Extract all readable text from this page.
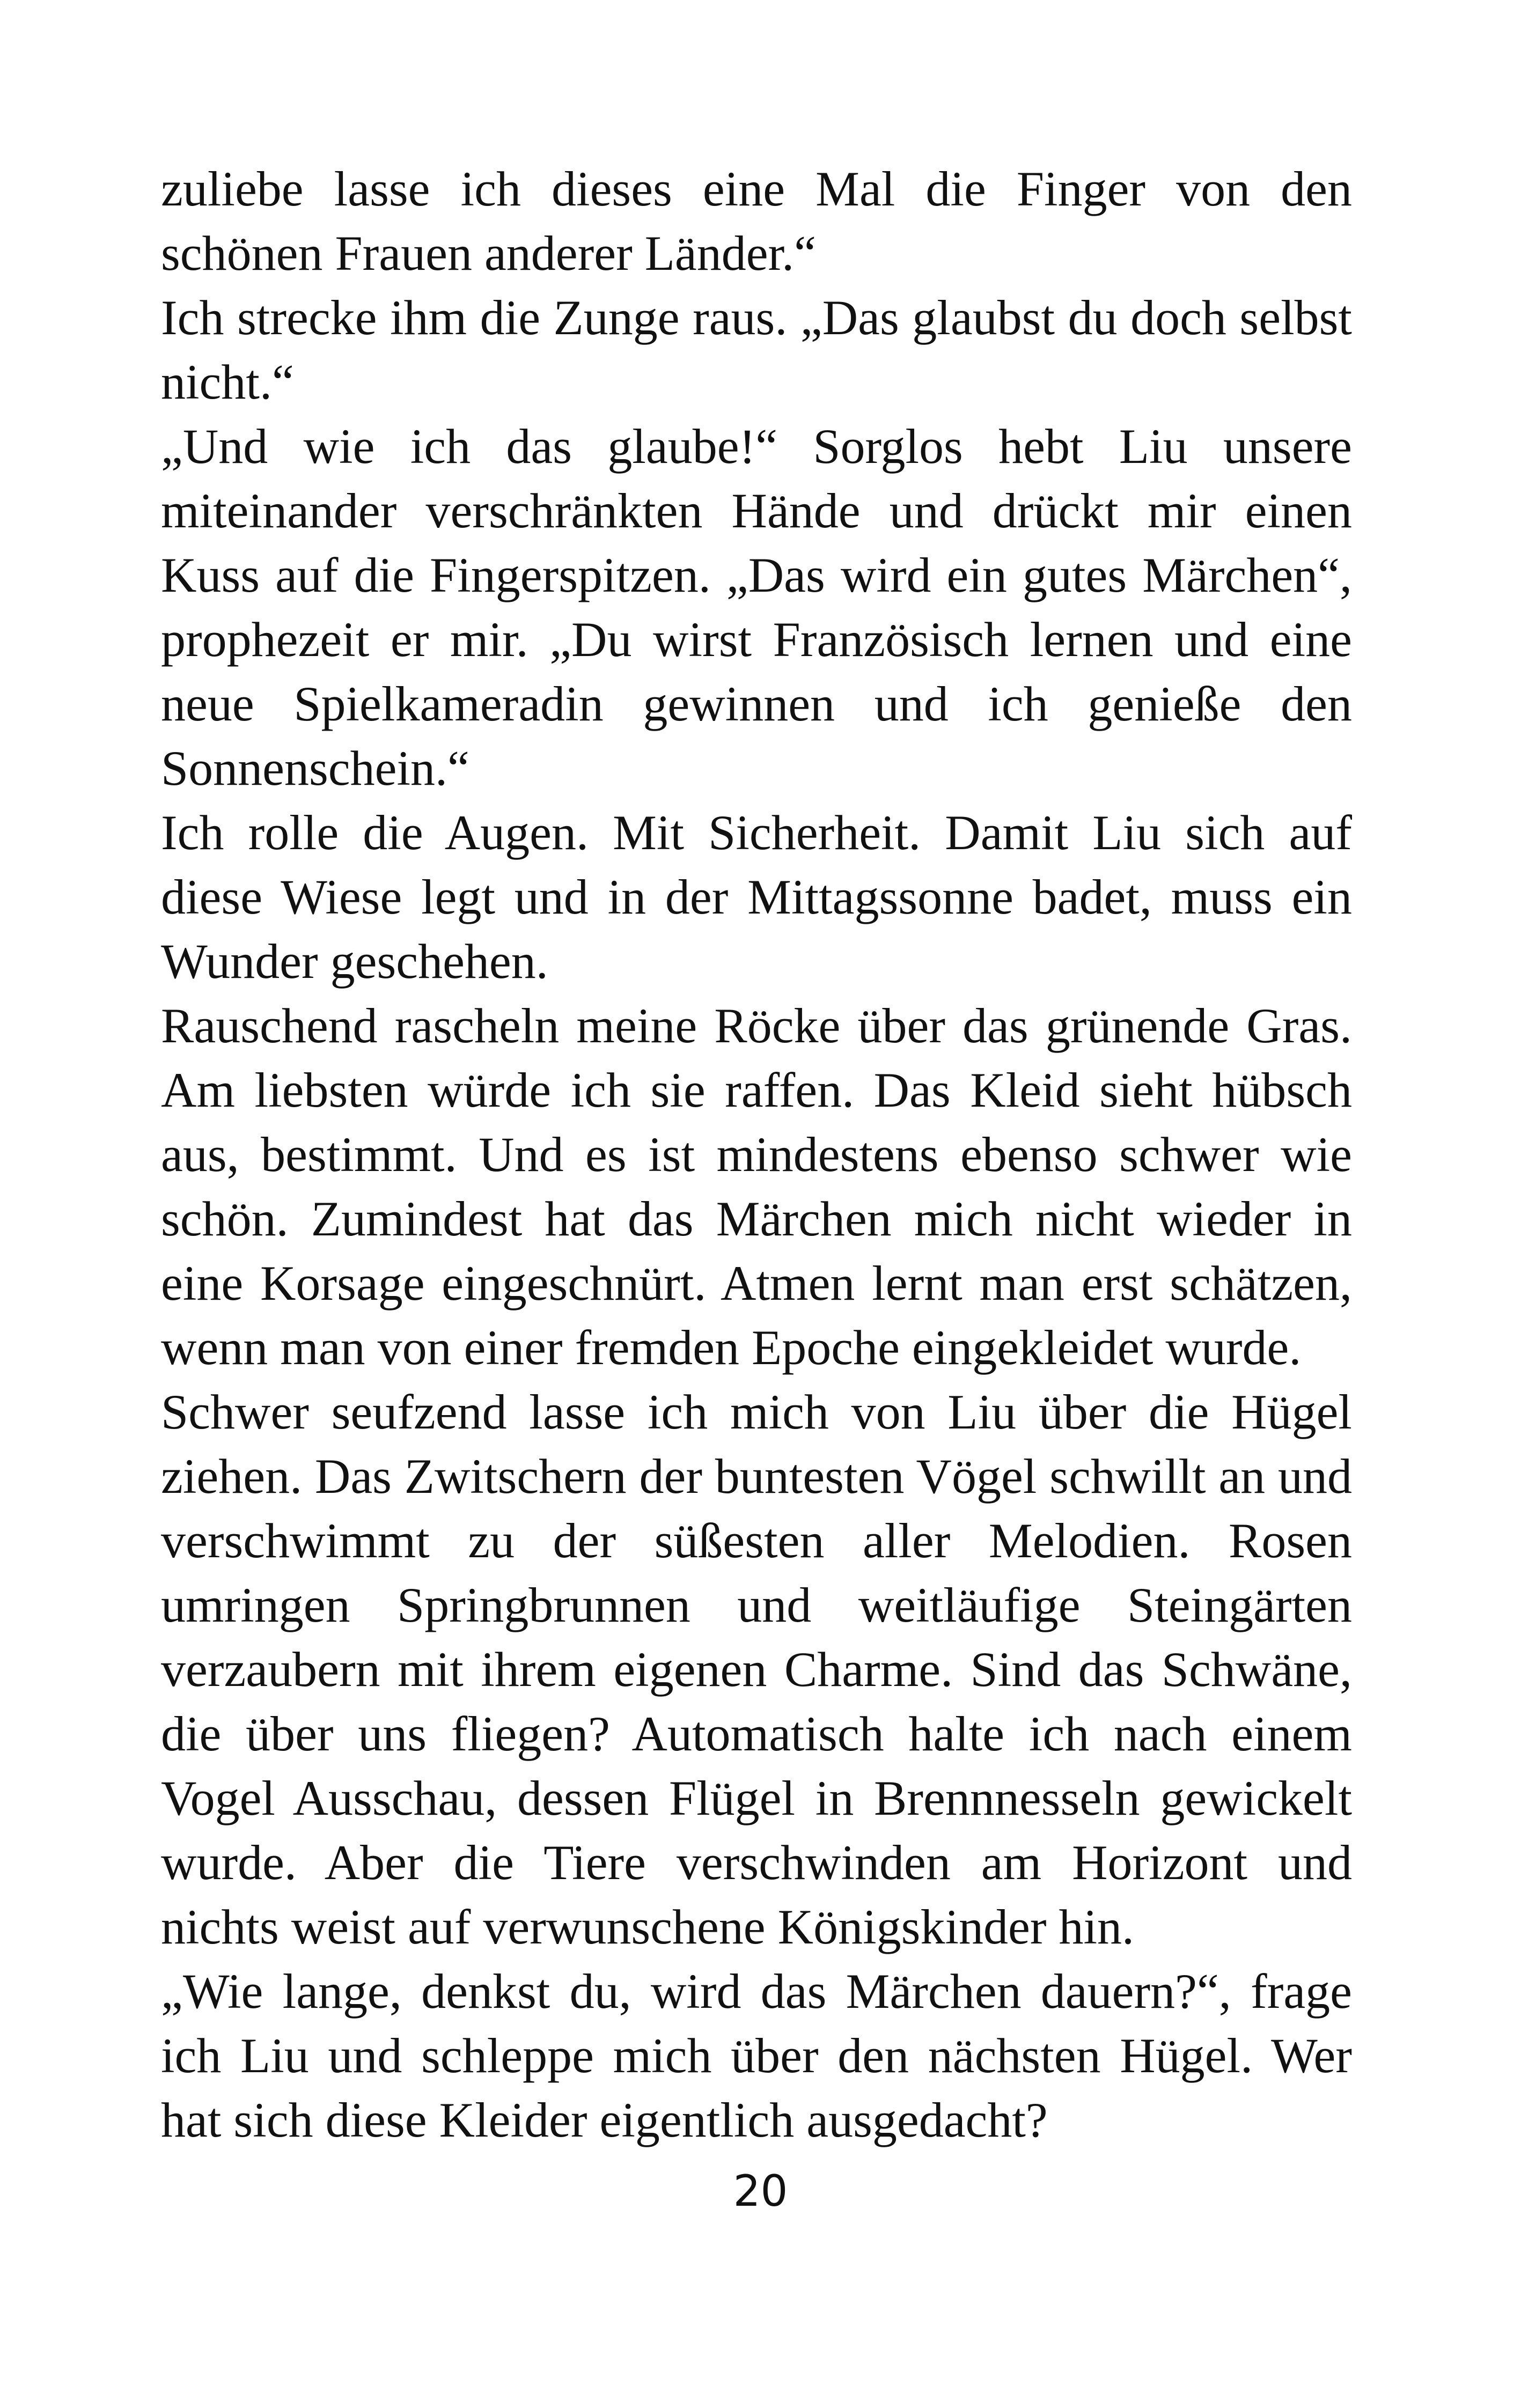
zuliebe lasse ich dieses eine Mal die Finger von den schönen Frauen anderer Länder.“

Ich strecke ihm die Zunge raus. „Das glaubst du doch selbst nicht.“

„Und wie ich das glaube!“ Sorglos hebt Liu unsere miteinander verschränkten Hände und drückt mir einen Kuss auf die Fingerspitzen. „Das wird ein gutes Märchen“, prophezeit er mir. „Du wirst Französisch lernen und eine neue Spielkameradin gewinnen und ich genieße den Sonnenschein.“

Ich rolle die Augen. Mit Sicherheit. Damit Liu sich auf diese Wiese legt und in der Mittagssonne badet, muss ein Wunder geschehen.

Rauschend rascheln meine Röcke über das grünende Gras. Am liebsten würde ich sie raffen. Das Kleid sieht hübsch aus, bestimmt. Und es ist mindestens ebenso schwer wie schön. Zumindest hat das Märchen mich nicht wieder in eine Korsage eingeschnürt. Atmen lernt man erst schätzen, wenn man von einer fremden Epoche eingekleidet wurde.

Schwer seufzend lasse ich mich von Liu über die Hügel ziehen. Das Zwitschern der buntesten Vögel schwillt an und verschwimmt zu der süßesten aller Melodien. Rosen umringen Springbrunnen und weitläufige Steingärten verzaubern mit ihrem eigenen Charme. Sind das Schwäne, die über uns fliegen? Automatisch halte ich nach einem Vogel Ausschau, dessen Flügel in Brennnesseln gewickelt wurde. Aber die Tiere verschwinden am Horizont und nichts weist auf verwunschene Königskinder hin.

„Wie lange, denkst du, wird das Märchen dauern?“, frage ich Liu und schleppe mich über den nächsten Hügel. Wer hat sich diese Kleider eigentlich ausgedacht?

20
